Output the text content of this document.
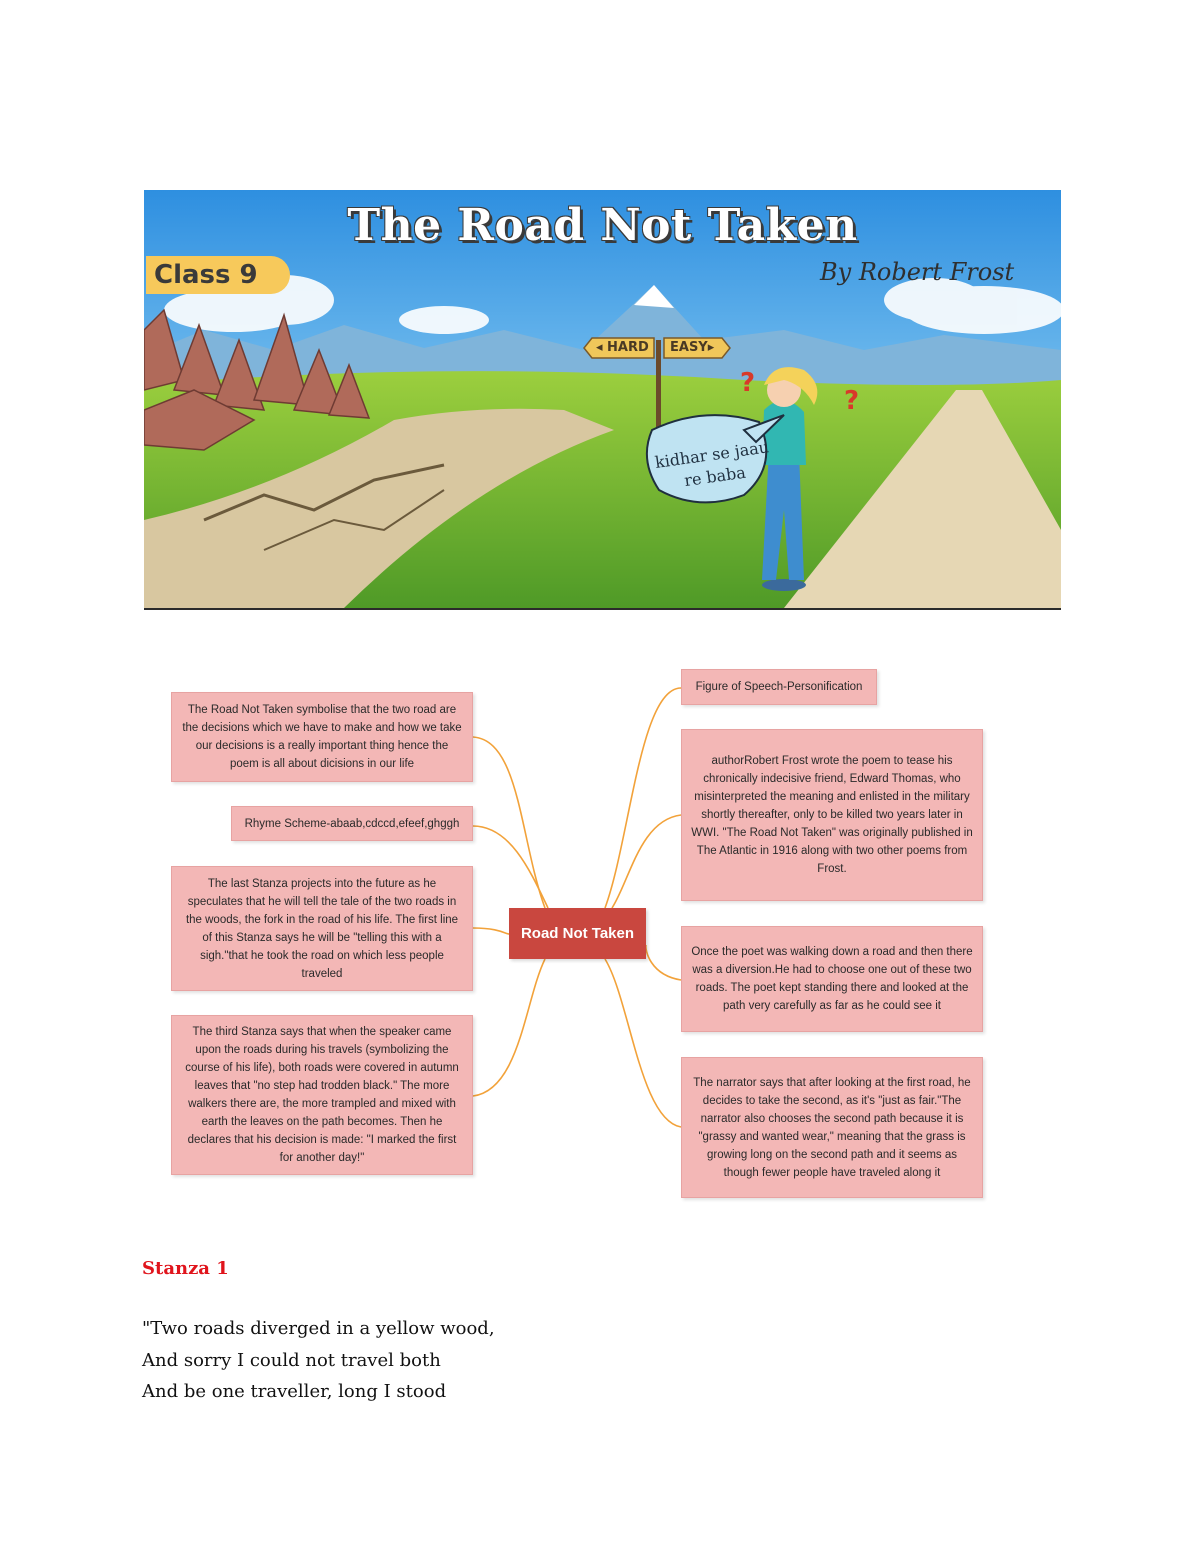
The Road Not Taken
Class 9	By Robert Frost
◂ HARD EASY▸
kidhar se jaau re baba
?
?
The Road Not Taken symbolise that the two road are the decisions which we have to make and how we take our decisions is a really important thing hence the poem is all about dicisions in our life
Rhyme Scheme-abaab,cdccd,efeef,ghggh
The last Stanza projects into the future as he speculates that he will tell the tale of the two roads in the woods, the fork in the road of his life. The first line of this Stanza says he will be "telling this with a sigh."that he took the road on which less people traveled
The third Stanza says that when the speaker came upon the roads during his travels (symbolizing the course of his life), both roads were covered in autumn leaves that "no step had trodden black." The more walkers there are, the more trampled and mixed with earth the leaves on the path becomes. Then he declares that his decision is made: "I marked the first for another day!"
Road Not Taken
Figure of Speech-Personification
authorRobert Frost wrote the poem to tease his chronically indecisive friend, Edward Thomas, who misinterpreted the meaning and enlisted in the military shortly thereafter, only to be killed two years later in WWI. "The Road Not Taken" was originally published in The Atlantic in 1916 along with two other poems from Frost.
Once the poet was walking down a road and then there was a diversion.He had to choose one out of these two roads. The poet kept standing there and looked at the path very carefully as far as he could see it
The narrator says that after looking at the first road, he decides to take the second, as it's "just as fair."The narrator also chooses the second path because it is "grassy and wanted wear," meaning that the grass is growing long on the second path and it seems as though fewer people have traveled along it
Stanza 1
"Two roads diverged in a yellow wood,
And sorry I could not travel both
And be one traveller, long I stood
